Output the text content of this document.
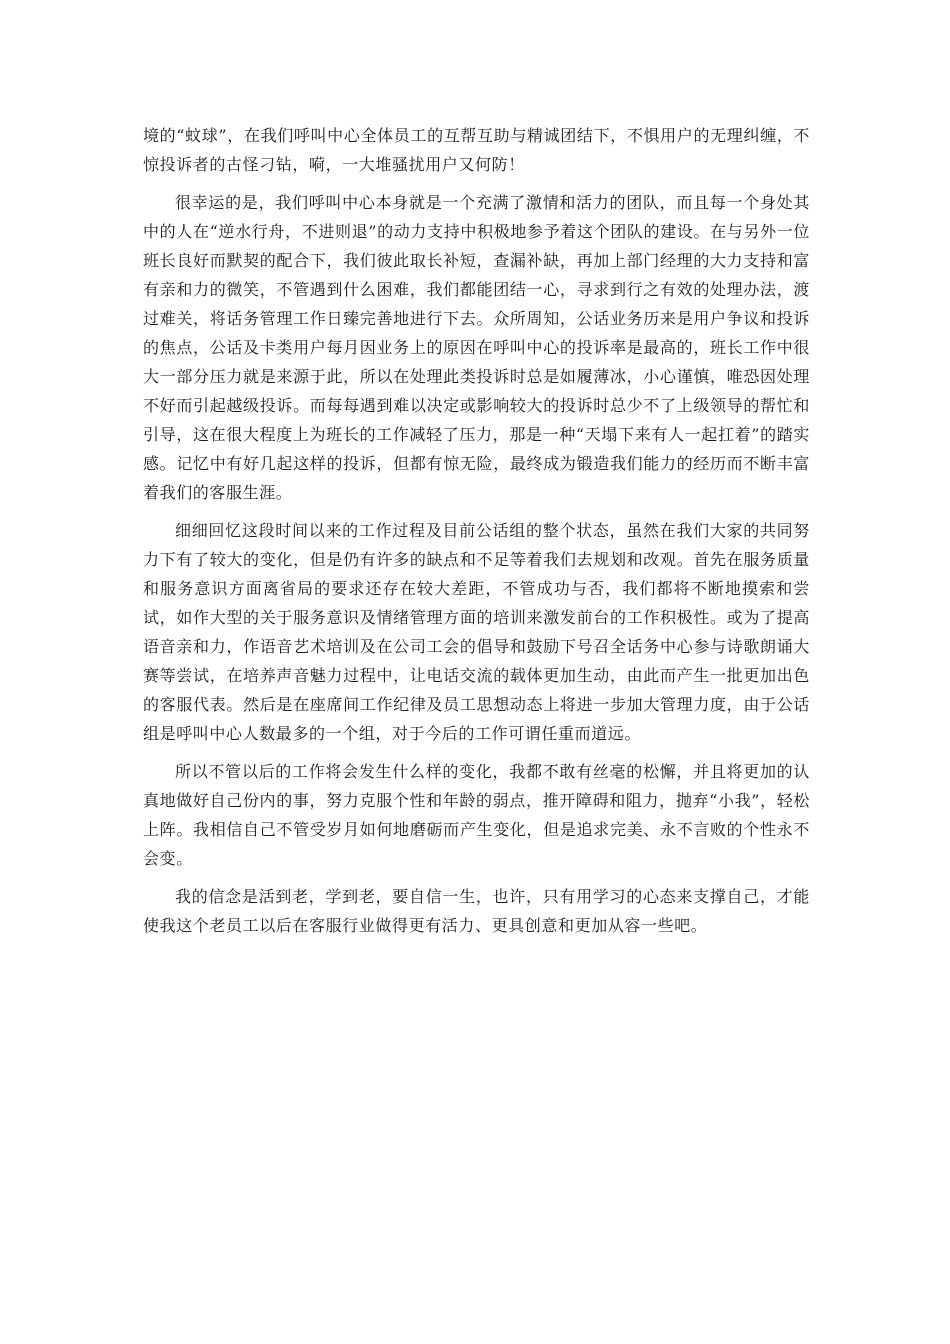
境的“蚊球”，在我们呼叫中心全体员工的互帮互助与精诚团结下，不惧用户的无理纠缠，不惊投诉者的古怪刁钻，嗬，一大堆骚扰用户又何防！

很幸运的是，我们呼叫中心本身就是一个充满了激情和活力的团队，而且每一个身处其中的人在“逆水行舟，不进则退”的动力支持中积极地参予着这个团队的建设。在与另外一位班长良好而默契的配合下，我们彼此取长补短，查漏补缺，再加上部门经理的大力支持和富有亲和力的微笑，不管遇到什么困难，我们都能团结一心，寻求到行之有效的处理办法，渡过难关，将话务管理工作日臻完善地进行下去。众所周知，公话业务历来是用户争议和投诉的焦点，公话及卡类用户每月因业务上的原因在呼叫中心的投诉率是最高的，班长工作中很大一部分压力就是来源于此，所以在处理此类投诉时总是如履薄冰，小心谨慎，唯恐因处理不好而引起越级投诉。而每每遇到难以决定或影响较大的投诉时总少不了上级领导的帮忙和引导，这在很大程度上为班长的工作减轻了压力，那是一种“天塌下来有人一起扛着”的踏实感。记忆中有好几起这样的投诉，但都有惊无险，最终成为锻造我们能力的经历而不断丰富着我们的客服生涯。

细细回忆这段时间以来的工作过程及目前公话组的整个状态，虽然在我们大家的共同努力下有了较大的变化，但是仍有许多的缺点和不足等着我们去规划和改观。首先在服务质量和服务意识方面离省局的要求还存在较大差距，不管成功与否，我们都将不断地摸索和尝试，如作大型的关于服务意识及情绪管理方面的培训来激发前台的工作积极性。或为了提高语音亲和力，作语音艺术培训及在公司工会的倡导和鼓励下号召全话务中心参与诗歌朗诵大赛等尝试，在培养声音魅力过程中，让电话交流的载体更加生动，由此而产生一批更加出色的客服代表。然后是在座席间工作纪律及员工思想动态上将进一步加大管理力度，由于公话组是呼叫中心人数最多的一个组，对于今后的工作可谓任重而道远。

所以不管以后的工作将会发生什么样的变化，我都不敢有丝毫的松懈，并且将更加的认真地做好自己份内的事，努力克服个性和年龄的弱点，推开障碍和阻力，抛弃“小我”，轻松上阵。我相信自己不管受岁月如何地磨砺而产生变化，但是追求完美、永不言败的个性永不会变。

我的信念是活到老，学到老，要自信一生，也许，只有用学习的心态来支撑自己，才能使我这个老员工以后在客服行业做得更有活力、更具创意和更加从容一些吧。
